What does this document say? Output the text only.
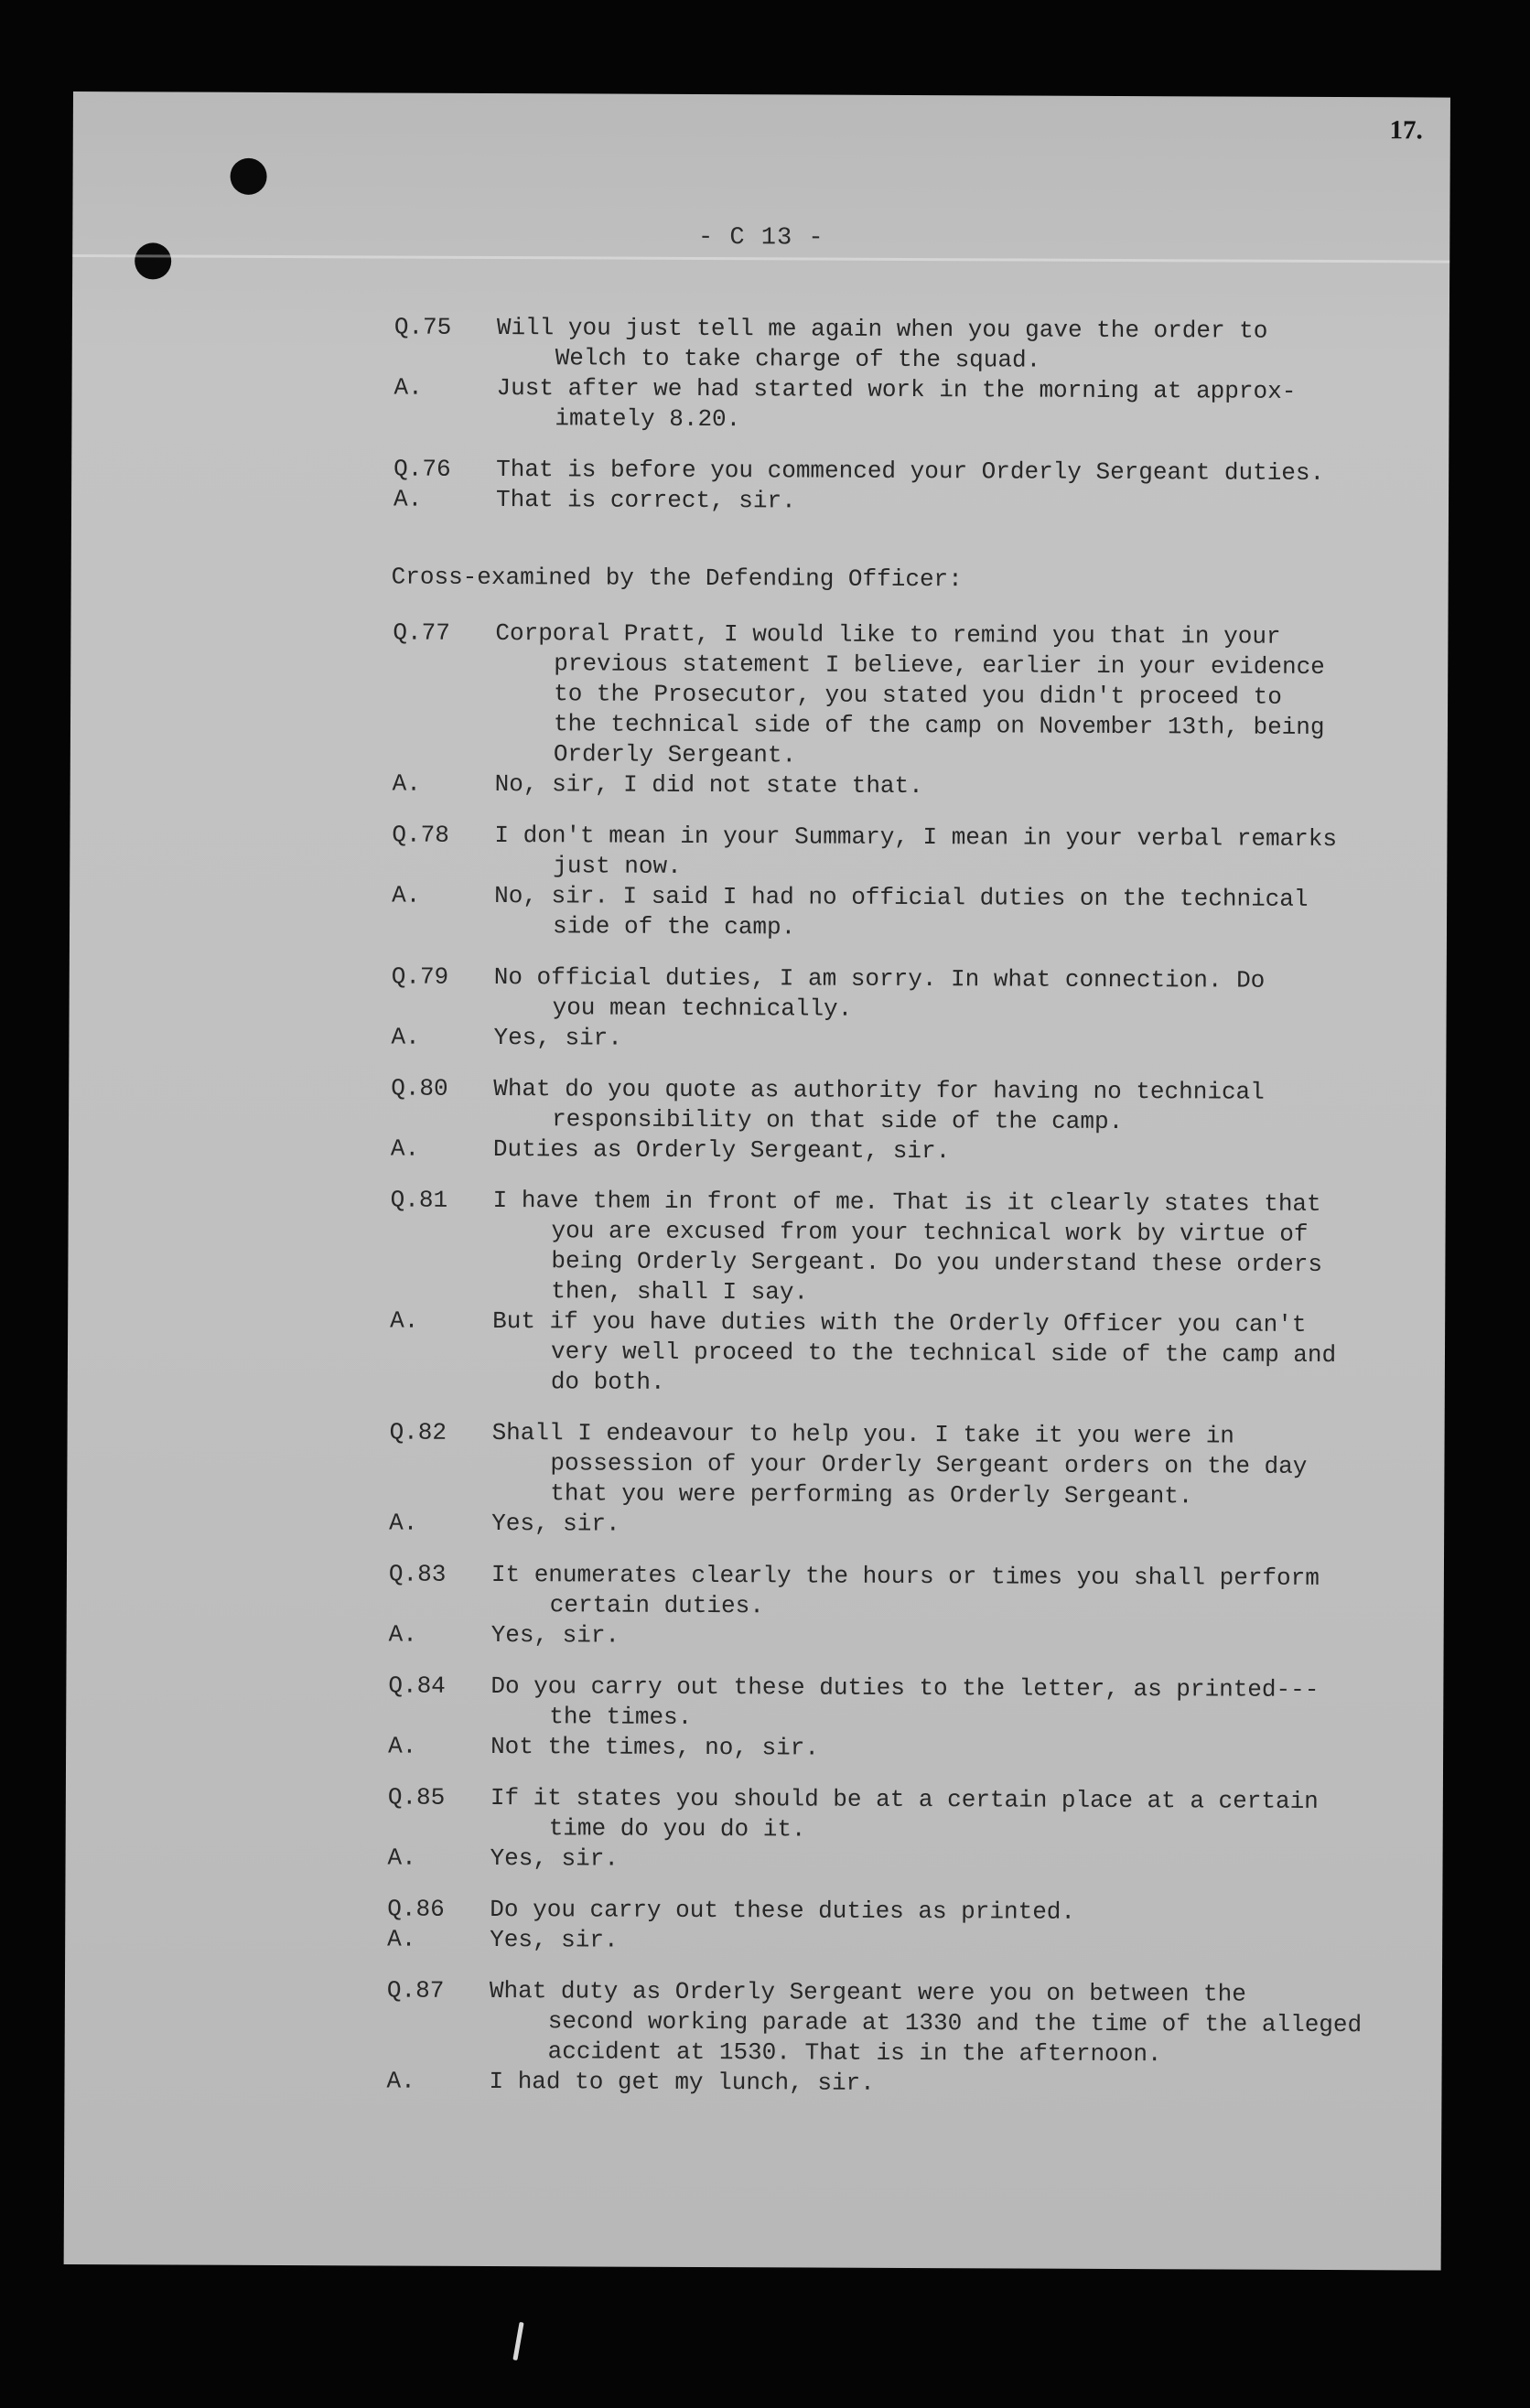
17.
- C 13 -
Q.75	Will you just tell me again when you gave the order to
Welch to take charge of the squad.
A.	Just after we had started work in the morning at approx-
imately 8.20.
Q.76	That is before you commenced your Orderly Sergeant duties.
A.	That is correct, sir.
Cross-examined by the Defending Officer:
Q.77	Corporal Pratt, I would like to remind you that in your
previous statement I believe, earlier in your evidence
to the Prosecutor, you stated you didn't proceed to
the technical side of the camp on November 13th, being
Orderly Sergeant.
A.	No, sir, I did not state that.
Q.78	I don't mean in your Summary, I mean in your verbal remarks
just now.
A.	No, sir. I said I had no official duties on the technical
side of the camp.
Q.79	No official duties, I am sorry. In what connection. Do
you mean technically.
A.	Yes, sir.
Q.80	What do you quote as authority for having no technical
responsibility on that side of the camp.
A.	Duties as Orderly Sergeant, sir.
Q.81	I have them in front of me. That is it clearly states that
you are excused from your technical work by virtue of
being Orderly Sergeant. Do you understand these orders
then, shall I say.
A.	But if you have duties with the Orderly Officer you can't
very well proceed to the technical side of the camp and
do both.
Q.82	Shall I endeavour to help you. I take it you were in
possession of your Orderly Sergeant orders on the day
that you were performing as Orderly Sergeant.
A.	Yes, sir.
Q.83	It enumerates clearly the hours or times you shall perform
certain duties.
A.	Yes, sir.
Q.84	Do you carry out these duties to the letter, as printed---
the times.
A.	Not the times, no, sir.
Q.85	If it states you should be at a certain place at a certain
time do you do it.
A.	Yes, sir.
Q.86	Do you carry out these duties as printed.
A.	Yes, sir.
Q.87	What duty as Orderly Sergeant were you on between the
second working parade at 1330 and the time of the alleged
accident at 1530. That is in the afternoon.
A.	I had to get my lunch, sir.
